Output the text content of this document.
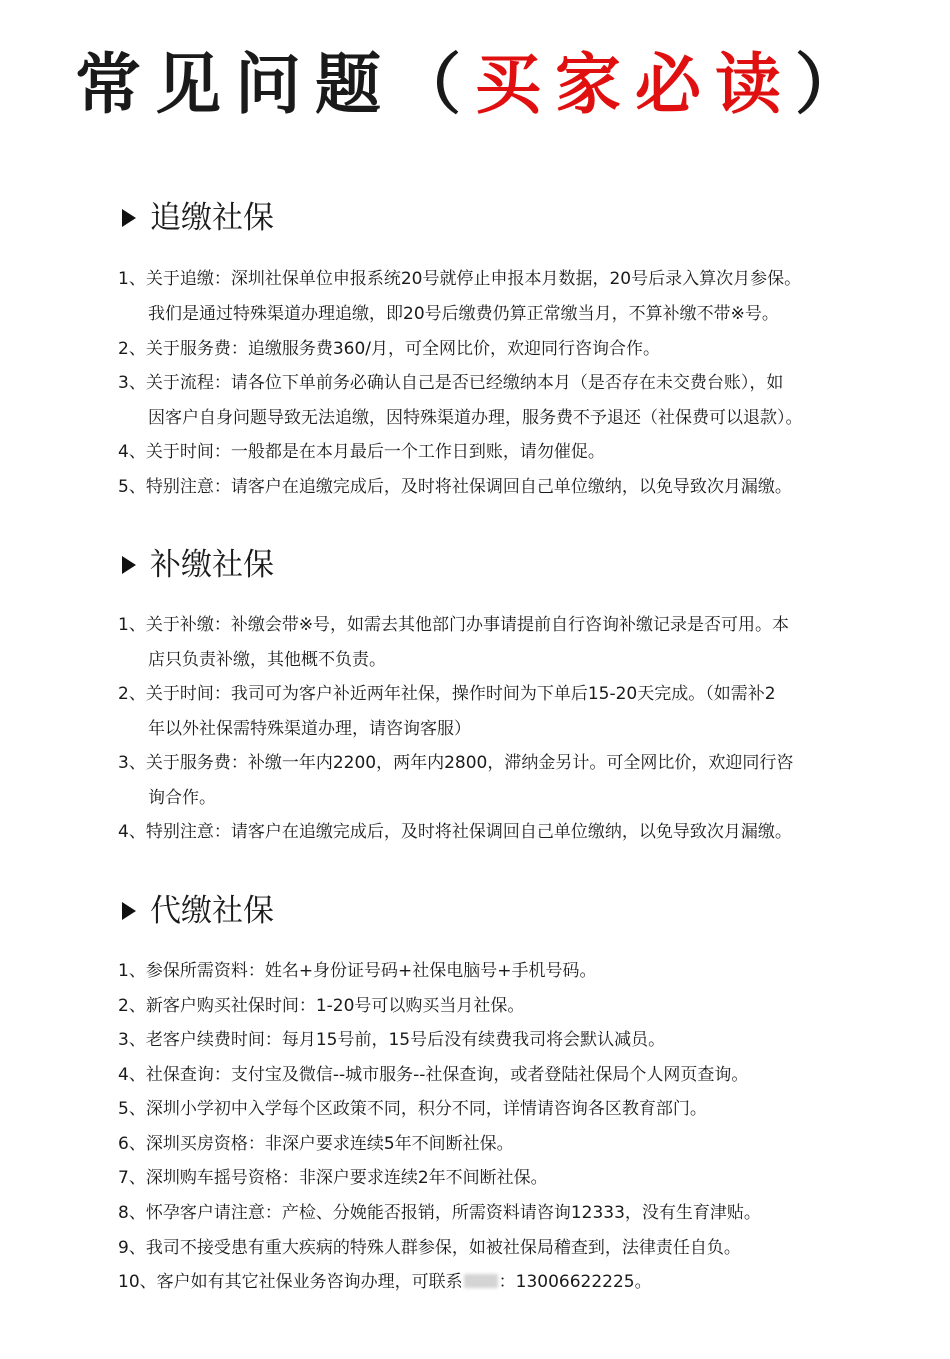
常见问题（买家必读）
追缴社保
1、关于追缴：深圳社保单位申报系统20号就停止申报本月数据，20号后录入算次月参保。
我们是通过特殊渠道办理追缴，即20号后缴费仍算正常缴当月，不算补缴不带※号。
2、关于服务费：追缴服务费360/月，可全网比价，欢迎同行咨询合作。
3、关于流程：请各位下单前务必确认自己是否已经缴纳本月（是否存在未交费台账），如
因客户自身问题导致无法追缴，因特殊渠道办理，服务费不予退还（社保费可以退款）。
4、关于时间：一般都是在本月最后一个工作日到账，请勿催促。
5、特别注意：请客户在追缴完成后，及时将社保调回自己单位缴纳，以免导致次月漏缴。
补缴社保
1、关于补缴：补缴会带※号，如需去其他部门办事请提前自行咨询补缴记录是否可用。本
店只负责补缴，其他概不负责。
2、关于时间：我司可为客户补近两年社保，操作时间为下单后15-20天完成。（如需补2
年以外社保需特殊渠道办理，请咨询客服）
3、关于服务费：补缴一年内2200，两年内2800，滞纳金另计。可全网比价，欢迎同行咨
询合作。
4、特别注意：请客户在追缴完成后，及时将社保调回自己单位缴纳，以免导致次月漏缴。
代缴社保
1、参保所需资料：姓名+身份证号码+社保电脑号+手机号码。
2、新客户购买社保时间：1-20号可以购买当月社保。
3、老客户续费时间：每月15号前，15号后没有续费我司将会默认减员。
4、社保查询：支付宝及微信--城市服务--社保查询，或者登陆社保局个人网页查询。
5、深圳小学初中入学每个区政策不同，积分不同，详情请咨询各区教育部门。
6、深圳买房资格：非深户要求连续5年不间断社保。
7、深圳购车摇号资格：非深户要求连续2年不间断社保。
8、怀孕客户请注意：产检、分娩能否报销，所需资料请咨询12333，没有生育津贴。
9、我司不接受患有重大疾病的特殊人群参保，如被社保局稽查到，法律责任自负。
10、客户如有其它社保业务咨询办理，可联系 ：13006622225。
